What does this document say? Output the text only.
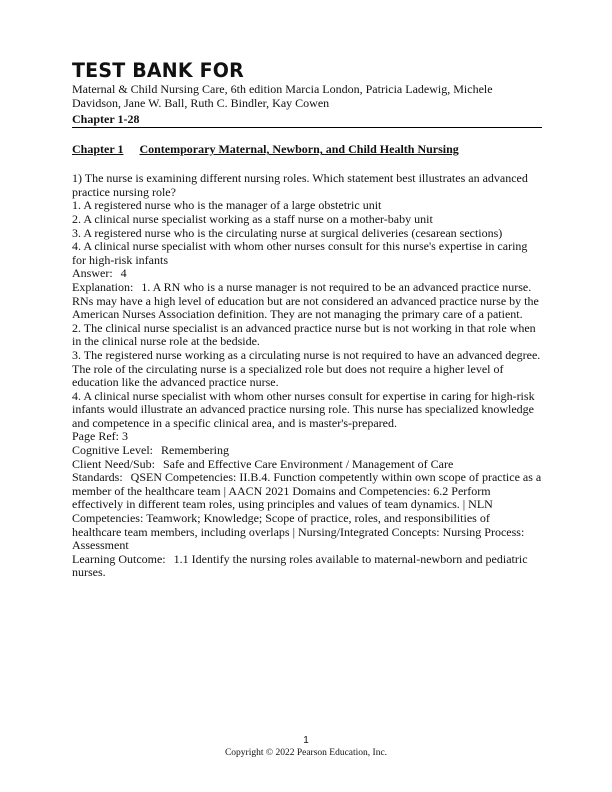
TEST BANK FOR
Maternal & Child Nursing Care, 6th edition Marcia London, Patricia Ladewig, Michele Davidson, Jane W. Ball, Ruth C. Bindler, Kay Cowen
Chapter 1-28
Chapter 1 Contemporary Maternal, Newborn, and Child Health Nursing
1) The nurse is examining different nursing roles. Which statement best illustrates an advanced practice nursing role?
1. A registered nurse who is the manager of a large obstetric unit
2. A clinical nurse specialist working as a staff nurse on a mother-baby unit
3. A registered nurse who is the circulating nurse at surgical deliveries (cesarean sections)
4. A clinical nurse specialist with whom other nurses consult for this nurse's expertise in caring for high-risk infants
Answer: 4
Explanation: 1. A RN who is a nurse manager is not required to be an advanced practice nurse. RNs may have a high level of education but are not considered an advanced practice nurse by the American Nurses Association definition. They are not managing the primary care of a patient.
2. The clinical nurse specialist is an advanced practice nurse but is not working in that role when in the clinical nurse role at the bedside.
3. The registered nurse working as a circulating nurse is not required to have an advanced degree. The role of the circulating nurse is a specialized role but does not require a higher level of education like the advanced practice nurse.
4. A clinical nurse specialist with whom other nurses consult for expertise in caring for high-risk infants would illustrate an advanced practice nursing role. This nurse has specialized knowledge and competence in a specific clinical area, and is master's-prepared.
Page Ref: 3
Cognitive Level: Remembering
Client Need/Sub: Safe and Effective Care Environment / Management of Care
Standards: QSEN Competencies: II.B.4. Function competently within own scope of practice as a member of the healthcare team | AACN 2021 Domains and Competencies: 6.2 Perform effectively in different team roles, using principles and values of team dynamics. | NLN Competencies: Teamwork; Knowledge; Scope of practice, roles, and responsibilities of healthcare team members, including overlaps | Nursing/Integrated Concepts: Nursing Process: Assessment
Learning Outcome: 1.1 Identify the nursing roles available to maternal-newborn and pediatric nurses.
1
Copyright © 2022 Pearson Education, Inc.
